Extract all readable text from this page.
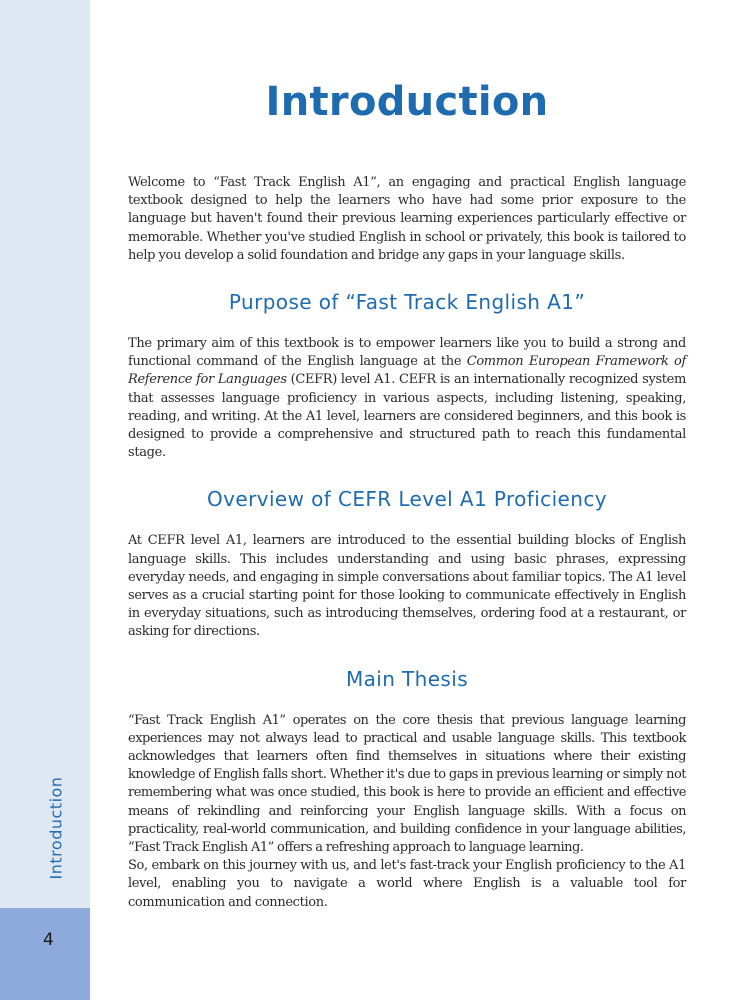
Introduction
4
Introduction

Welcome to “Fast Track English A1”, an engaging and practical English language textbook designed to help the learners who have had some prior exposure to the language but haven't found their previous learning experiences particularly effective or memorable. Whether you've studied English in school or privately, this book is tailored to help you develop a solid foundation and bridge any gaps in your language skills.

Purpose of “Fast Track English A1”

The primary aim of this textbook is to empower learners like you to build a strong and functional command of the English language at the Common European Framework of Reference for Languages (CEFR) level A1. CEFR is an internationally recognized system that assesses language proficiency in various aspects, including listening, speaking, reading, and writing. At the A1 level, learners are considered beginners, and this book is designed to provide a comprehensive and structured path to reach this fundamental stage.

Overview of CEFR Level A1 Proficiency

At CEFR level A1, learners are introduced to the essential building blocks of English language skills. This includes understanding and using basic phrases, expressing everyday needs, and engaging in simple conversations about familiar topics. The A1 level serves as a crucial starting point for those looking to communicate effectively in English in everyday situations, such as introducing themselves, ordering food at a restaurant, or asking for directions.

Main Thesis

“Fast Track English A1” operates on the core thesis that previous language learning experiences may not always lead to practical and usable language skills. This textbook acknowledges that learners often find themselves in situations where their existing knowledge of English falls short. Whether it's due to gaps in previous learning or simply not remembering what was once studied, this book is here to provide an efficient and effective means of rekindling and reinforcing your English language skills. With a focus on practicality, real-world communication, and building confidence in your language abilities, “Fast Track English A1” offers a refreshing approach to language learning.

So, embark on this journey with us, and let's fast-track your English proficiency to the A1 level, enabling you to navigate a world where English is a valuable tool for communication and connection.
